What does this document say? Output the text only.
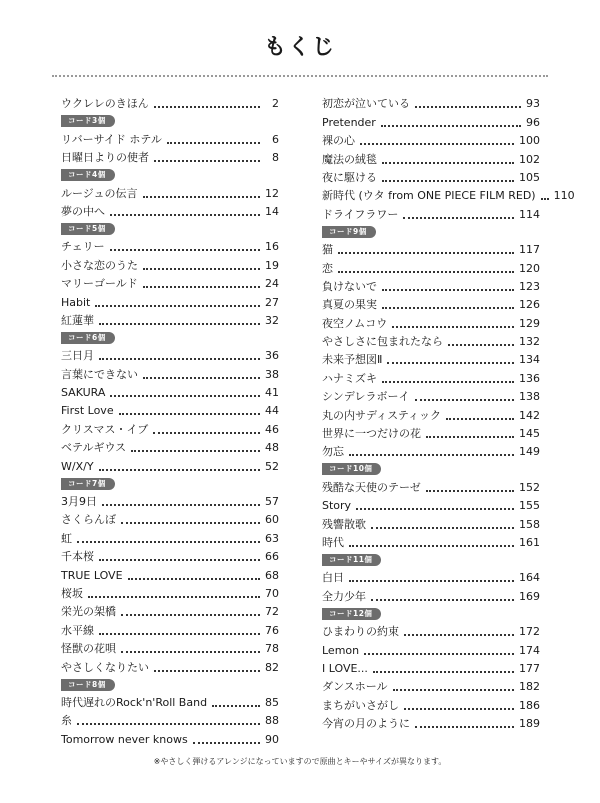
もくじ
ウクレレのきほん	2
コード3個
リバーサイド ホテル	6
日曜日よりの使者	8
コード4個
ルージュの伝言	12
夢の中へ	14
コード5個
チェリー	16
小さな恋のうた	19
マリーゴールド	24
Habit	27
紅蓮華	32
コード6個
三日月	36
言葉にできない	38
SAKURA	41
First Love	44
クリスマス・イブ	46
ベテルギウス	48
W/X/Y	52
コード7個
3月9日	57
さくらんぼ	60
虹	63
千本桜	66
TRUE LOVE	68
桜坂	70
栄光の架橋	72
水平線	76
怪獣の花唄	78
やさしくなりたい	82
コード8個
時代遅れのRock'n'Roll Band	85
糸	88
Tomorrow never knows	90
初恋が泣いている	93
Pretender	96
裸の心	100
魔法の絨毯	102
夜に駆ける	105
新時代 (ウタ from ONE PIECE FILM RED) 110
ドライフラワー	114
コード9個
猫	117
恋	120
負けないで	123
真夏の果実	126
夜空ノムコウ	129
やさしさに包まれたなら	132
未来予想図Ⅱ	134
ハナミズキ	136
シンデレラボーイ	138
丸の内サディスティック	142
世界に一つだけの花	145
勿忘	149
コード10個
残酷な天使のテーゼ	152
Story	155
残響散歌	158
時代	161
コード11個
白日	164
全力少年	169
コード12個
ひまわりの約束	172
Lemon	174
I LOVE...	177
ダンスホール	182
まちがいさがし	186
今宵の月のように	189
※やさしく弾けるアレンジになっていますので原曲とキーやサイズが異なります。
